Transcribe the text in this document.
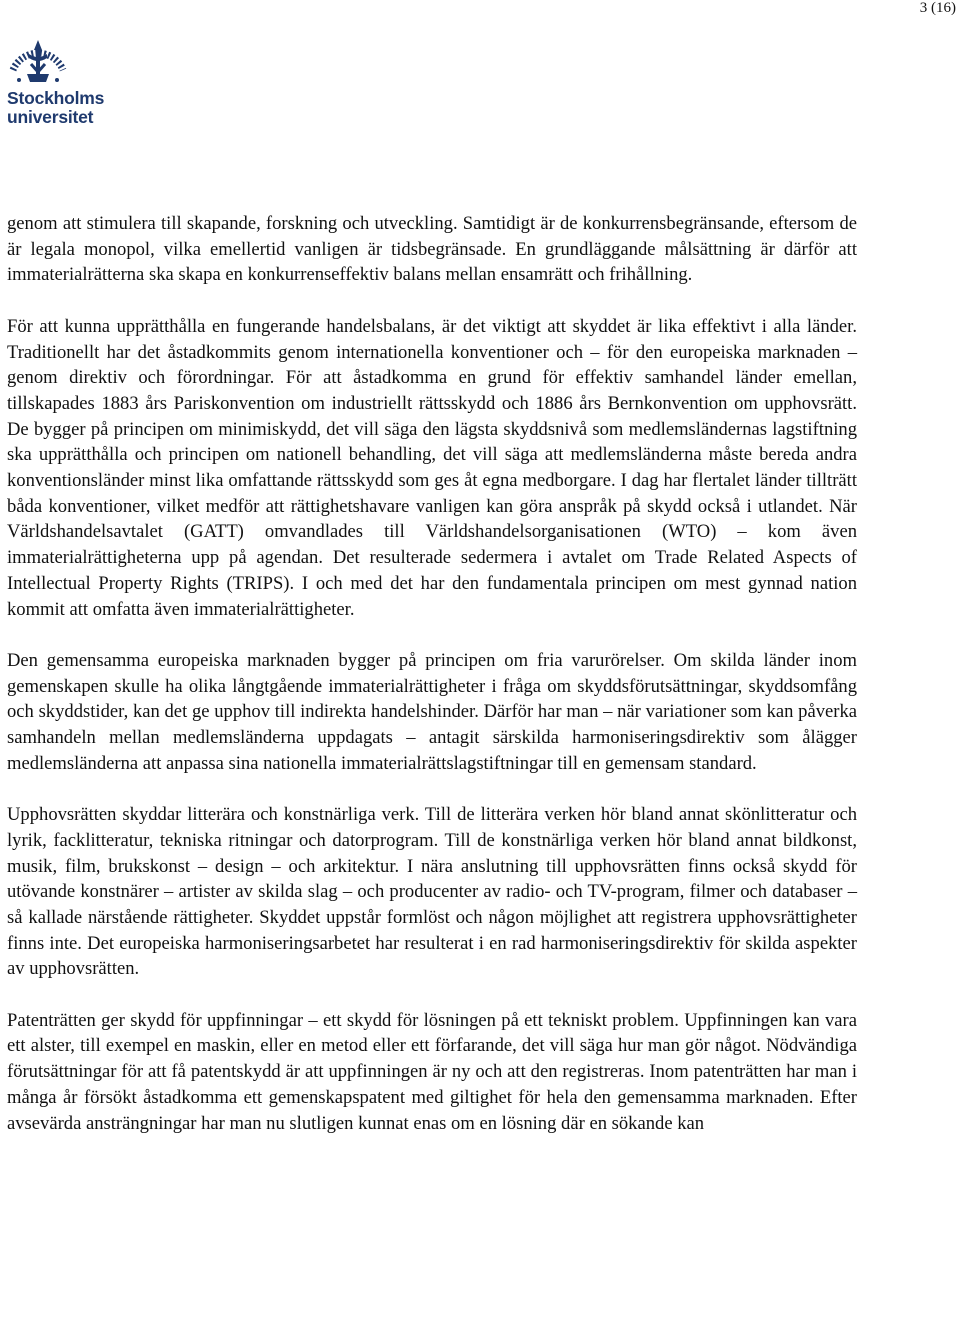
3 (16)
Stockholms
universitet

genom att stimulera till skapande, forskning och utveckling. Samtidigt är de konkurrensbegränsande, eftersom de är legala monopol, vilka emellertid vanligen är tidsbegränsade. En grundläggande målsättning är därför att immaterialrätterna ska skapa en konkurrenseffektiv balans mellan ensamrätt och frihållning.

För att kunna upprätthålla en fungerande handelsbalans, är det viktigt att skyddet är lika effektivt i alla länder. Traditionellt har det åstadkommits genom internationella konventioner och – för den europeiska marknaden – genom direktiv och förordningar. För att åstadkomma en grund för effektiv samhandel länder emellan, tillskapades 1883 års Pariskonvention om industriellt rättsskydd och 1886 års Bernkonvention om upphovsrätt. De bygger på principen om minimiskydd, det vill säga den lägsta skyddsnivå som medlemsländernas lagstiftning ska upprätthålla och principen om nationell behandling, det vill säga att medlemsländerna måste bereda andra konventionsländer minst lika omfattande rättsskydd som ges åt egna medborgare. I dag har flertalet länder tillträtt båda konventioner, vilket medför att rättighetshavare vanligen kan göra anspråk på skydd också i utlandet. När Världshandelsavtalet (GATT) omvandlades till Världshandelsorganisationen (WTO) – kom även immaterialrättigheterna upp på agendan. Det resulterade sedermera i avtalet om Trade Related Aspects of Intellectual Property Rights (TRIPS). I och med det har den fundamentala principen om mest gynnad nation kommit att omfatta även immaterialrättigheter.

Den gemensamma europeiska marknaden bygger på principen om fria varurörelser. Om skilda länder inom gemenskapen skulle ha olika långtgående immaterialrättigheter i fråga om skyddsförutsättningar, skyddsomfång och skyddstider, kan det ge upphov till indirekta handelshinder. Därför har man – när variationer som kan påverka samhandeln mellan medlemsländerna uppdagats – antagit särskilda harmoniseringsdirektiv som ålägger medlemsländerna att anpassa sina nationella immaterialrättslagstiftningar till en gemensam standard.

Upphovsrätten skyddar litterära och konstnärliga verk. Till de litterära verken hör bland annat skönlitteratur och lyrik, facklitteratur, tekniska ritningar och datorprogram. Till de konstnärliga verken hör bland annat bildkonst, musik, film, brukskonst – design – och arkitektur. I nära anslutning till upphovsrätten finns också skydd för utövande konstnärer – artister av skilda slag – och producenter av radio- och TV-program, filmer och databaser – så kallade närstående rättigheter. Skyddet uppstår formlöst och någon möjlighet att registrera upphovsrättigheter finns inte. Det europeiska harmoniseringsarbetet har resulterat i en rad harmoniseringsdirektiv för skilda aspekter av upphovsrätten.

Patenträtten ger skydd för uppfinningar – ett skydd för lösningen på ett tekniskt problem. Uppfinningen kan vara ett alster, till exempel en maskin, eller en metod eller ett förfarande, det vill säga hur man gör något. Nödvändiga förutsättningar för att få patentskydd är att uppfinningen är ny och att den registreras. Inom patenträtten har man i många år försökt åstadkomma ett gemenskapspatent med giltighet för hela den gemensamma marknaden. Efter avsevärda ansträngningar har man nu slutligen kunnat enas om en lösning där en sökande kan
